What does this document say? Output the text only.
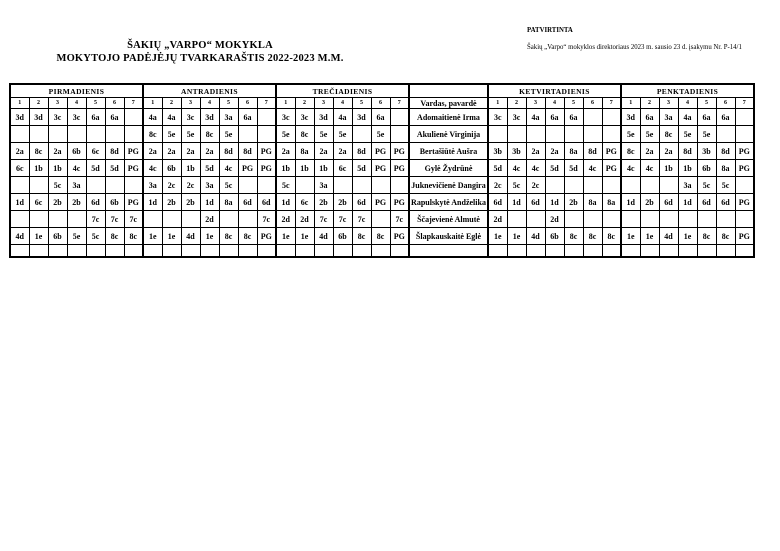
ŠAKIŲ „VARPO“ MOKYKLA
MOKYTOJO PADĖJĖJŲ TVARKARAŠTIS 2022-2023 M.M.
PATVIRTINTA
Šakių „Varpo“ mokyklos direktoriaus 2023 m. sausio 23 d. įsakymu Nr. P-14/1
PIRMADIENIS							ANTRADIENIS							TREČIADIENIS								KETVIRTADIENIS							PENKTADIENIS						
1	2	3	4	5	6	7	1	2	3	4	5	6	7	1	2	3	4	5	6	7	Vardas, pavardė	1	2	3	4	5	6	7	1	2	3	4	5	6	7
3d	3d	3c	3c	6a	6a		4a	4a	3c	3d	3a	6a		3c	3c	3d	4a	3d	6a		Adomaitienė Irma	3c	3c	4a	6a	6a			3d	6a	3a	4a	6a	6a	
							8c	5e	5e	8c	5e			5e	8c	5e	5e		5e		Akulienė Virginija								5e	5e	8c	5e	5e		
2a	8c	2a	6b	6c	8d	PG	2a	2a	2a	2a	8d	8d	PG	2a	8a	2a	2a	8d	PG	PG	Bertašiūtė Aušra	3b	3b	2a	2a	8a	8d	PG	8c	2a	2a	8d	3b	8d	PG
6c	1b	1b	4c	5d	5d	PG	4c	6b	1b	5d	4c	PG	PG	1b	1b	1b	6c	5d	PG	PG	Gylė Žydrūnė	5d	4c	4c	5d	5d	4c	PG	4c	4c	1b	1b	6b	8a	PG
		5c	3a				3a	2c	2c	3a	5c			5c		3a					Juknevičienė Dangira	2c	5c	2c								3a	5c	5c	
1d	6c	2b	2b	6d	6b	PG	1d	2b	2b	1d	8a	6d	6d	1d	6c	2b	2b	6d	PG	PG	Rapulskytė Andželika	6d	1d	6d	1d	2b	8a	8a	1d	2b	6d	1d	6d	6d	PG
				7c	7c	7c				2d			7c	2d	2d	7c	7c	7c		7c	Ščajevienė Almutė	2d			2d										
4d	1e	6b	5e	5c	8c	8c	1e	1e	4d	1e	8c	8c	PG	1e	1e	4d	6b	8c	8c	PG	Šlapkauskaitė Eglė	1e	1e	4d	6b	8c	8c	8c	1e	1e	4d	1e	8c	8c	PG
